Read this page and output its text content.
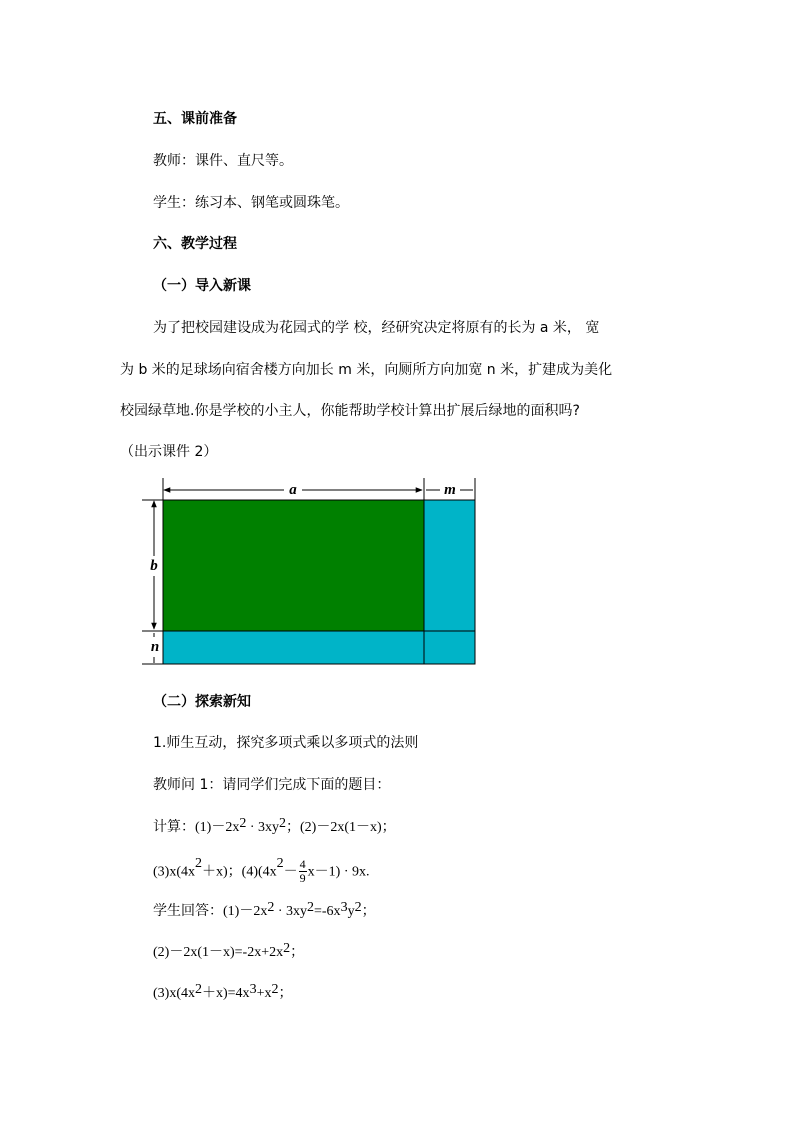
五、课前准备
教师：课件、直尺等。
学生：练习本、钢笔或圆珠笔。
六、教学过程
（一）导入新课
为了把校园建设成为花园式的学 校，经研究决定将原有的长为 a 米， 宽
为 b 米的足球场向宿舍楼方向加长 m 米，向厕所方向加宽 n 米，扩建成为美化
校园绿草地.你是学校的小主人，你能帮助学校计算出扩展后绿地的面积吗?
（出示课件 2）
a	m
b
n
（二）探索新知
1.师生互动，探究多项式乘以多项式的法则
教师问 1：请同学们完成下面的题目：
计算：$(1)-2x^2 \cdot 3xy^2$；(2)－2x(1－x)；
$(3)x(4x^2+x)$；$(4)(4x^2- \frac{4}{9} x-1) \cdot 9x$.
学生回答：$(1)-2x^2 \cdot 3xy^2=-6x^3y^2$；
$(2)-2x(1-x)=-2x+2x^2$；
$(3)x(4x^2+x)=4x^3+x^2$；
